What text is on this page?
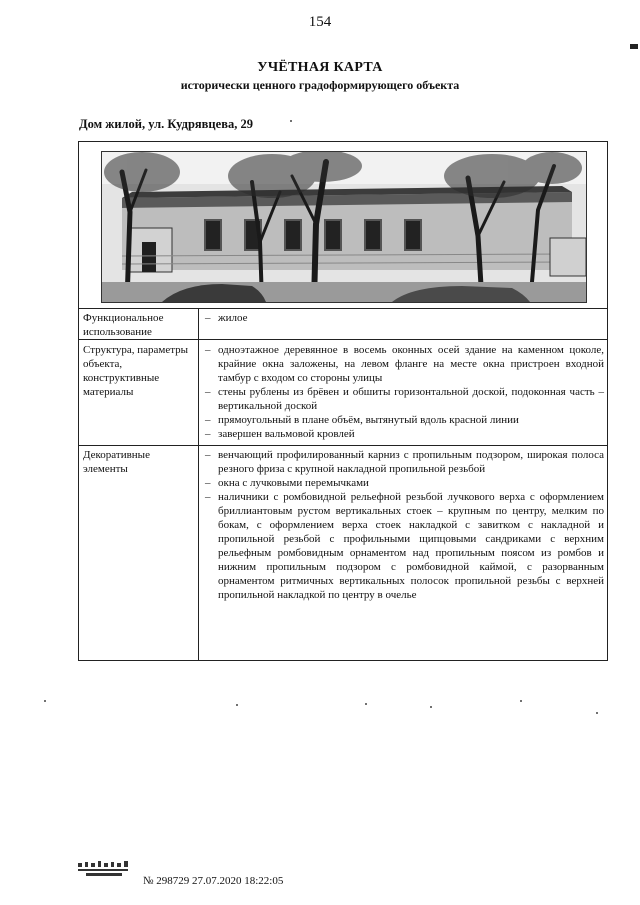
154
УЧЁТНАЯ КАРТА
исторически ценного градоформирующего объекта
Дом жилой, ул. Кудрявцева, 29
Функциональное использование
– жилое
Структура, параметры объекта, конструктивные материалы
– одноэтажное деревянное в восемь оконных осей здание на каменном цоколе, крайние окна заложены, на левом фланге на месте окна пристроен входной тамбур с входом со стороны улицы
– стены рублены из брёвен и обшиты горизонтальной доской, подоконная часть – вертикальной доской
– прямоугольный в плане объём, вытянутый вдоль красной линии
– завершен вальмовой кровлей
Декоративные элементы
– венчающий профилированный карниз с пропильным подзором, широкая полоса резного фриза с крупной накладной пропильной резьбой
– окна с лучковыми перемычками
– наличники с ромбовидной рельефной резьбой лучкового верха с оформлением бриллиантовым рустом вертикальных стоек – крупным по центру, мелким по бокам, с оформлением верха стоек накладкой с завитком с накладной и пропильной резьбой с профильными щипцовыми сандриками с верхним рельефным ромбовидным орнаментом над пропильным поясом из ромбов и нижним пропильным подзором с ромбовидной каймой, с разорванным орнаментом ритмичных вертикальных полосок пропильной резьбы с верхней пропильной накладкой по центру в очелье
№ 298729 27.07.2020 18:22:05
